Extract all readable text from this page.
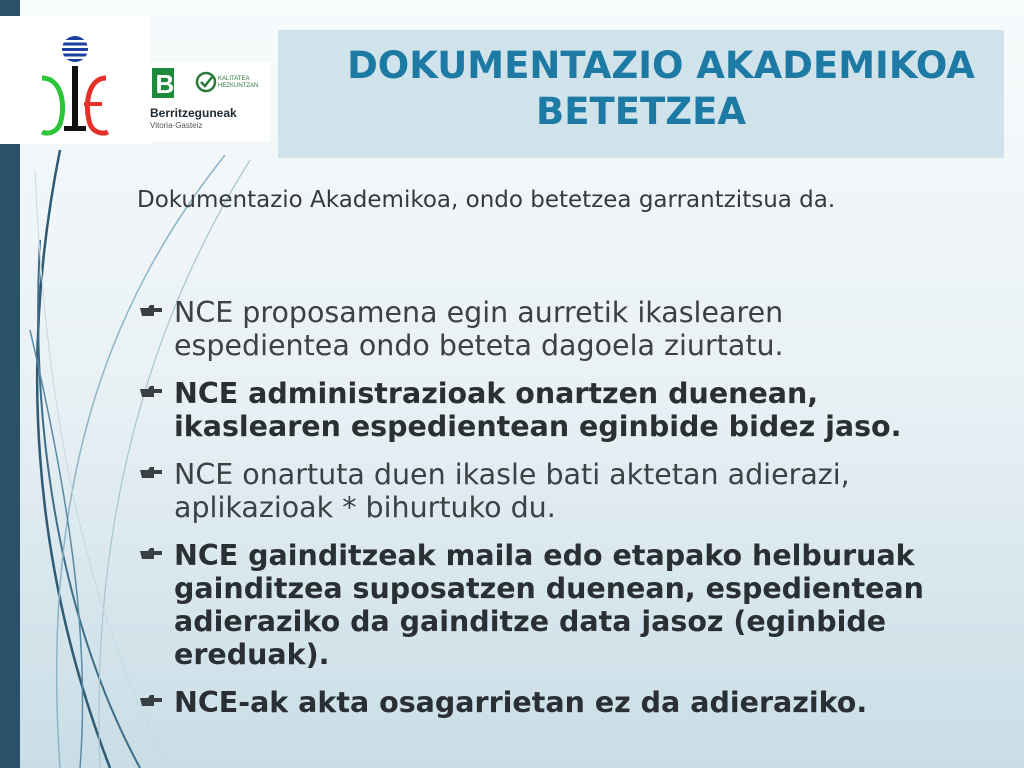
B	KALITATEA
HEZKUNTZAN
Berritzeguneak
Vitoria-Gasteiz
DOKUMENTAZIO AKADEMIKOA
BETETZEA
Dokumentazio Akademikoa, ondo betetzea garrantzitsua da.
NCE proposamena egin aurretik ikaslearen espedientea ondo beteta dagoela ziurtatu.
NCE administrazioak onartzen duenean, ikaslearen espedientean eginbide bidez jaso.
NCE onartuta duen ikasle bati aktetan adierazi, aplikazioak * bihurtuko du.
NCE gainditzeak maila edo etapako helburuak gainditzea suposatzen duenean, espedientean adieraziko da gainditze data jasoz (eginbide ereduak).
NCE-ak akta osagarrietan ez da adieraziko.
